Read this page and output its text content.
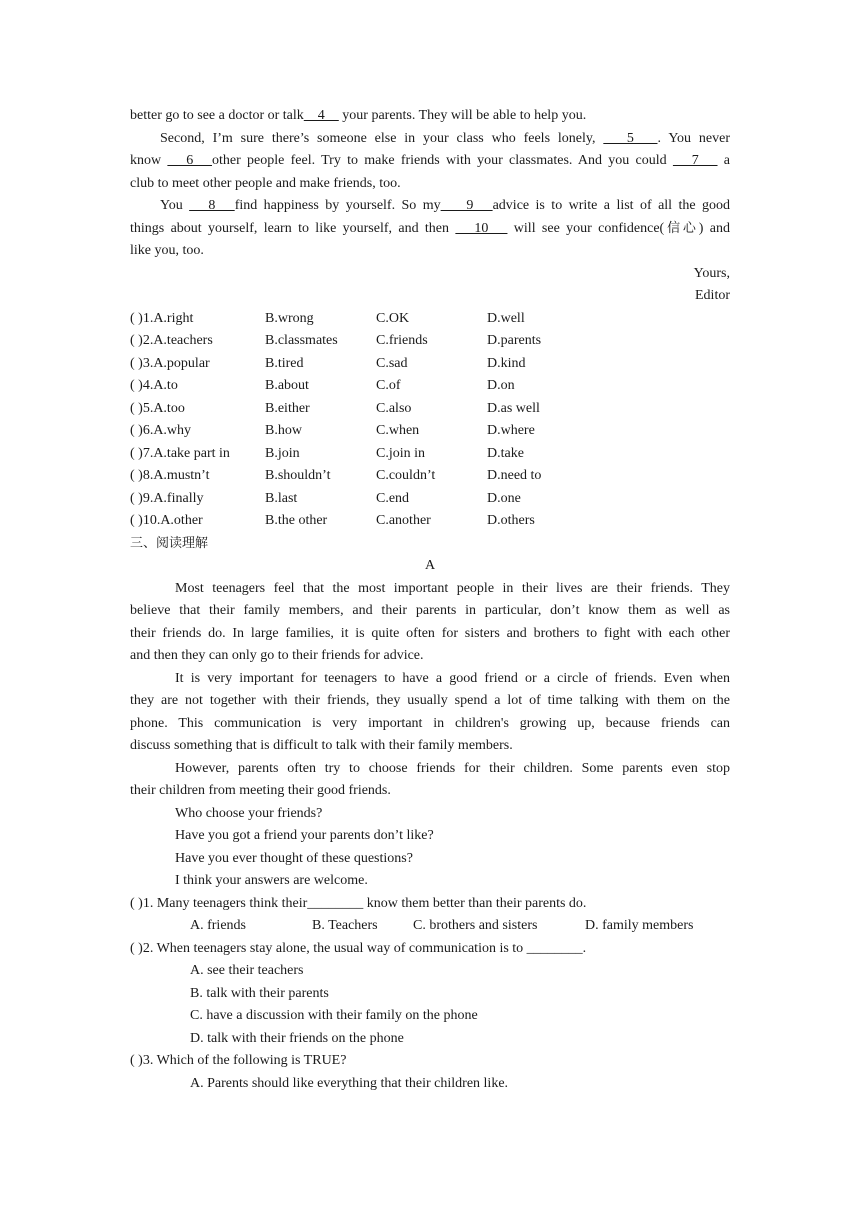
better go to see a doctor or talk    4     your parents. They will be able to help you.
Second, I’m sure there’s someone else in your class who feels lonely,    5   . You never
know    6   other people feel. Try to make friends with your classmates. And you could    7    a
club to meet other people and make friends, too.
You    8   find happiness by yourself. So my    9   advice is to write a list of all the good
things about yourself, learn to like yourself, and then    10    will see your confidence(信心) and
like you, too.
Yours,
Editor
( )1.A.right	B.wrong	C.OK	D.well
( )2.A.teachers	B.classmates	C.friends	D.parents
( )3.A.popular	B.tired	C.sad	D.kind
( )4.A.to	B.about	C.of	D.on
( )5.A.too	B.either	C.also	D.as well
( )6.A.why	B.how	C.when	D.where
( )7.A.take part in	B.join	C.join in	D.take
( )8.A.mustn’t	B.shouldn’t	C.couldn’t	D.need to
( )9.A.finally	B.last	C.end	D.one
( )10.A.other	B.the other	C.another	D.others
三、阅读理解
A
Most teenagers feel that the most important people in their lives are their friends. They
believe that their family members, and their parents in particular, don’t know them as well as
their friends do. In large families, it is quite often for sisters and brothers to fight with each other
and then they can only go to their friends for advice.
It is very important for teenagers to have a good friend or a circle of friends. Even when
they are not together with their friends, they usually spend a lot of time talking with them on the
phone. This communication is very important in children's growing up, because friends can
discuss something that is difficult to talk with their family members.
However, parents often try to choose friends for their children. Some parents even stop
their children from meeting their good friends.
Who choose your friends?
Have you got a friend your parents don’t like?
Have you ever thought of these questions?
I think your answers are welcome.
( )1. Many teenagers think their________ know them better than their parents do.
A. friends	B. Teachers	C. brothers and sisters	D. family members
( )2. When teenagers stay alone, the usual way of communication is to ________.
A. see their teachers
B. talk with their parents
C. have a discussion with their family on the phone
D. talk with their friends on the phone
( )3. Which of the following is TRUE?
A. Parents should like everything that their children like.
